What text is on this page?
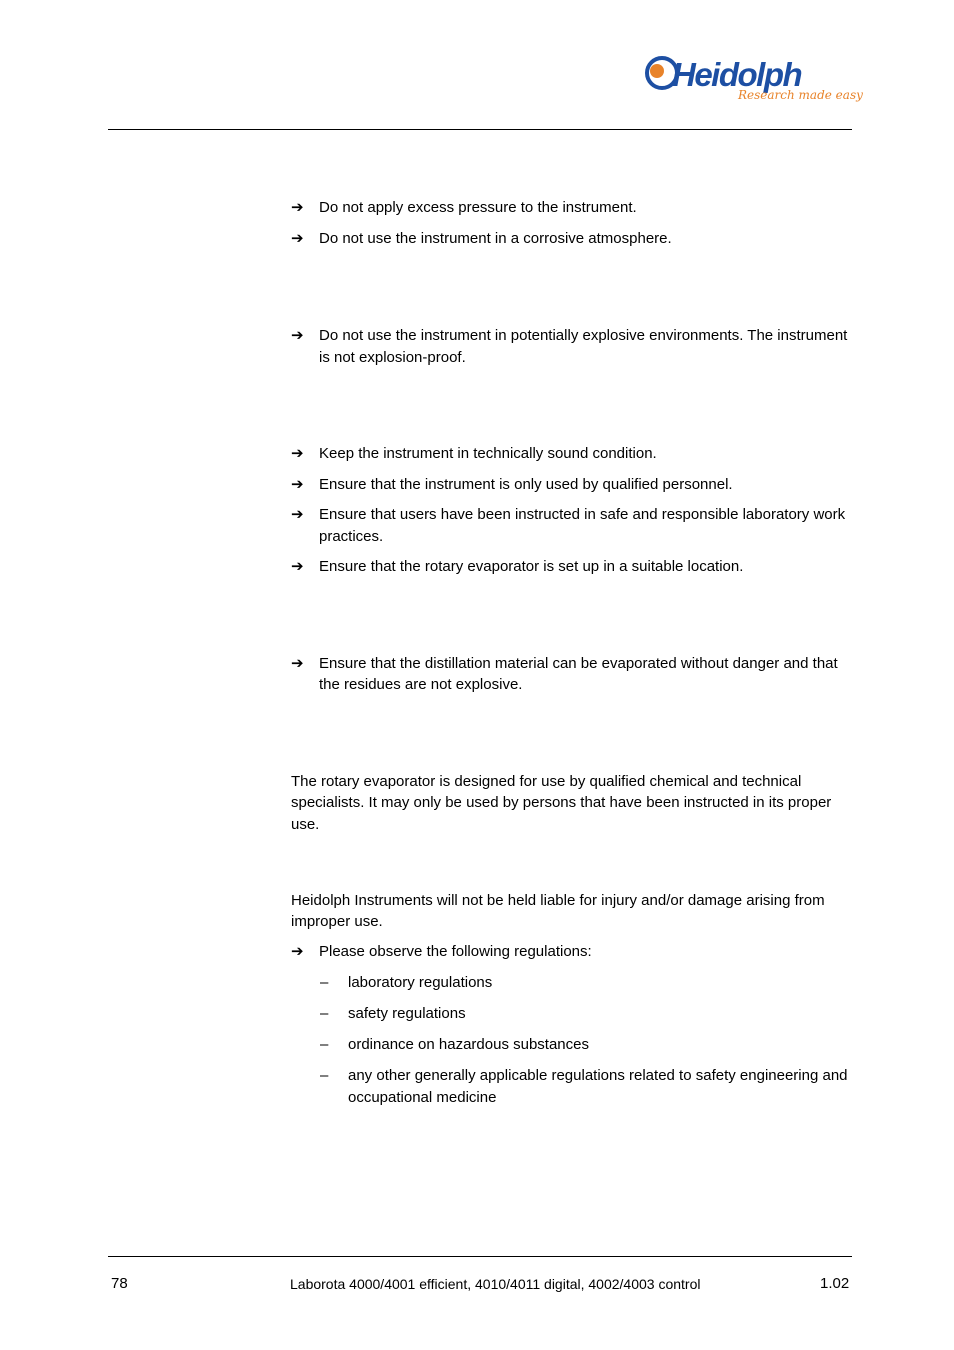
Heidolph
Research made easy
➔ Do not apply excess pressure to the instrument.
➔ Do not use the instrument in a corrosive atmosphere.
➔ Do not use the instrument in potentially explosive environments. The instrument is not explosion-proof.
➔ Keep the instrument in technically sound condition.
➔ Ensure that the instrument is only used by qualified personnel.
➔ Ensure that users have been instructed in safe and responsible laboratory work practices.
➔ Ensure that the rotary evaporator is set up in a suitable location.
➔ Ensure that the distillation material can be evaporated without danger and that the residues are not explosive.

The rotary evaporator is designed for use by qualified chemical and technical specialists. It may only be used by persons that have been instructed in its proper use.

Heidolph Instruments will not be held liable for injury and/or damage arising from improper use.

➔ Please observe the following regulations:
– laboratory regulations
– safety regulations
– ordinance on hazardous substances
– any other generally applicable regulations related to safety engineering and occupational medicine
78	Laborota 4000/4001 efficient, 4010/4011 digital, 4002/4003 control	1.02
